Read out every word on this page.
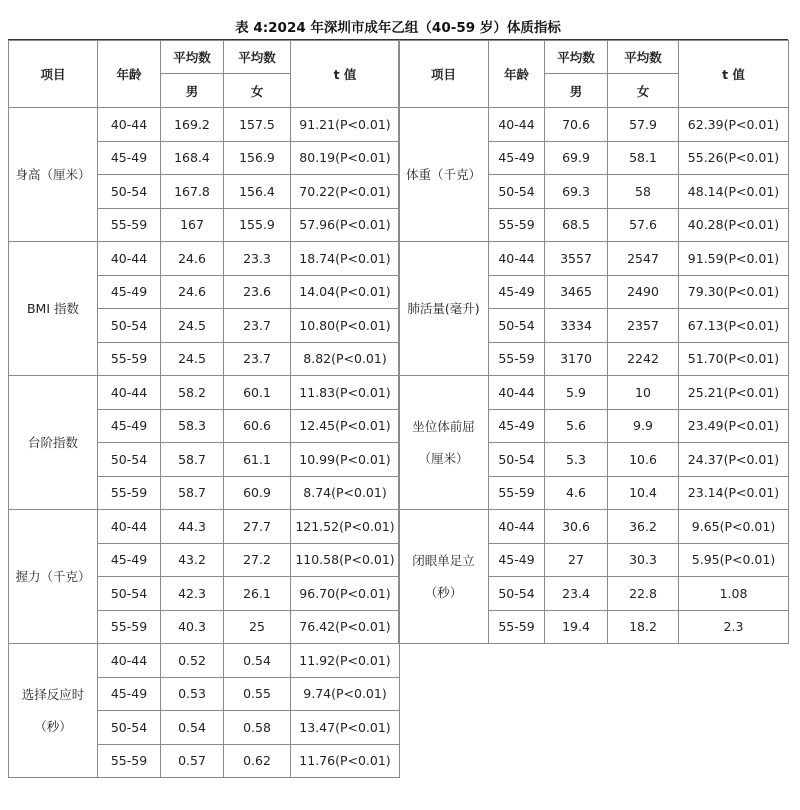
表 4:2024 年深圳市成年乙组（40-59 岁）体质指标
项目	年龄	平均数	平均数	t 值
		男	女	

身高（厘米）	40-44	169.2	157.5	91.21(P<0.01)
	45-49	168.4	156.9	80.19(P<0.01)
	50-54	167.8	156.4	70.22(P<0.01)
	55-59	167	155.9	57.96(P<0.01)

BMI 指数	40-44	24.6	23.3	18.74(P<0.01)
	45-49	24.6	23.6	14.04(P<0.01)
	50-54	24.5	23.7	10.80(P<0.01)
	55-59	24.5	23.7	8.82(P<0.01)

台阶指数	40-44	58.2	60.1	11.83(P<0.01)
	45-49	58.3	60.6	12.45(P<0.01)
	50-54	58.7	61.1	10.99(P<0.01)
	55-59	58.7	60.9	8.74(P<0.01)

握力（千克）	40-44	44.3	27.7	121.52(P<0.01)
	45-49	43.2	27.2	110.58(P<0.01)
	50-54	42.3	26.1	96.70(P<0.01)
	55-59	40.3	25	76.42(P<0.01)

选择反应时
（秒）	40-44	0.52	0.54	11.92(P<0.01)
	45-49	0.53	0.55	9.74(P<0.01)
	50-54	0.54	0.58	13.47(P<0.01)
	55-59	0.57	0.62	11.76(P<0.01)
项目	年龄	平均数	平均数	t 值
		男	女	

体重（千克）	40-44	70.6	57.9	62.39(P<0.01)
	45-49	69.9	58.1	55.26(P<0.01)
	50-54	69.3	58	48.14(P<0.01)
	55-59	68.5	57.6	40.28(P<0.01)

肺活量(毫升)	40-44	3557	2547	91.59(P<0.01)
	45-49	3465	2490	79.30(P<0.01)
	50-54	3334	2357	67.13(P<0.01)
	55-59	3170	2242	51.70(P<0.01)

坐位体前屈
（厘米）	40-44	5.9	10	25.21(P<0.01)
	45-49	5.6	9.9	23.49(P<0.01)
	50-54	5.3	10.6	24.37(P<0.01)
	55-59	4.6	10.4	23.14(P<0.01)

闭眼单足立
（秒）	40-44	30.6	36.2	9.65(P<0.01)
	45-49	27	30.3	5.95(P<0.01)
	50-54	23.4	22.8	1.08
	55-59	19.4	18.2	2.3
